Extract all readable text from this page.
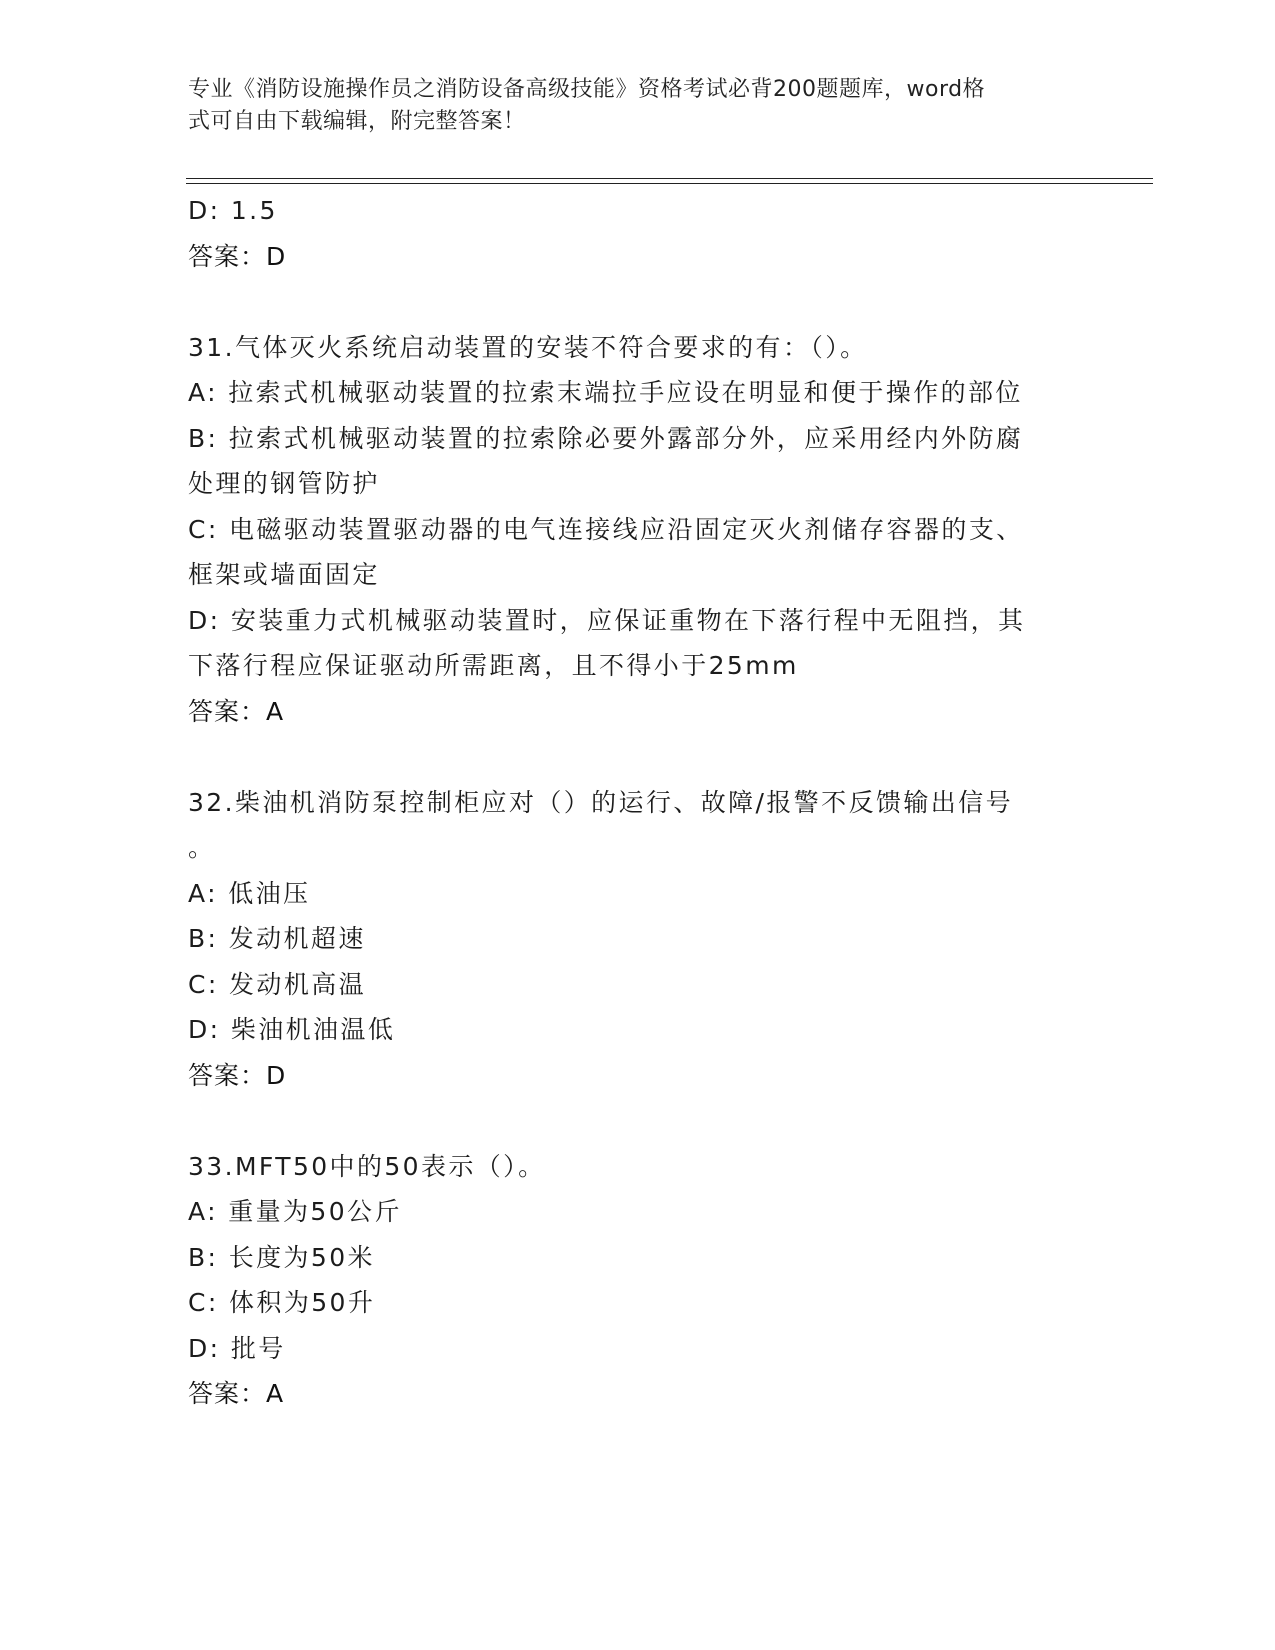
专业《消防设施操作员之消防设备高级技能》资格考试必背200题题库，word格
式可自由下载编辑，附完整答案！
D: 1.5
答案：D
31.气体灭火系统启动装置的安装不符合要求的有：（）。
A: 拉索式机械驱动装置的拉索末端拉手应设在明显和便于操作的部位
B: 拉索式机械驱动装置的拉索除必要外露部分外，应采用经内外防腐
处理的钢管防护
C: 电磁驱动装置驱动器的电气连接线应沿固定灭火剂储存容器的支、
框架或墙面固定
D: 安装重力式机械驱动装置时，应保证重物在下落行程中无阻挡，其
下落行程应保证驱动所需距离，且不得小于25mm
答案：A
32.柴油机消防泵控制柜应对（）的运行、故障/报警不反馈输出信号
。
A: 低油压
B: 发动机超速
C: 发动机高温
D: 柴油机油温低
答案：D
33.MFT50中的50表示（）。
A: 重量为50公斤
B: 长度为50米
C: 体积为50升
D: 批号
答案：A
